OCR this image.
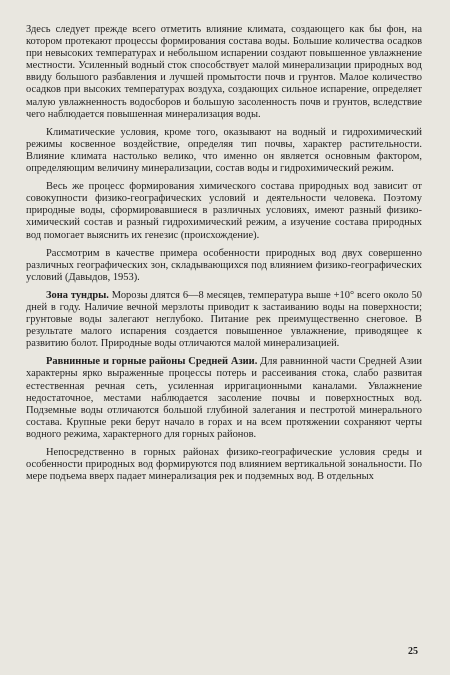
Здесь следует прежде всего отметить влияние климата, создающего как бы фон, на котором протекают процессы формирования состава воды. Большие количества осадков при невысоких температурах и небольшом испарении создают повышенное увлажнение местности. Усиленный водный сток способствует малой минерализации природных вод ввиду большого разбавления и лучшей промытости почв и грунтов. Малое количество осадков при высоких температурах воздуха, создающих сильное испарение, определяет малую увлажненность водосборов и большую засоленность почв и грунтов, вследствие чего наблюдается повышенная минерализация воды.

Климатические условия, кроме того, оказывают на водный и гидрохимический режимы косвенное воздействие, определяя тип почвы, характер растительности. Влияние климата настолько велико, что именно он является основным фактором, определяющим величину минерализации, состав воды и гидрохимический режим.

Весь же процесс формирования химического состава природных вод зависит от совокупности физико-географических условий и деятельности человека. Поэтому природные воды, сформировавшиеся в различных условиях, имеют разный физико-химический состав и разный гидрохимический режим, а изучение состава природных вод помогает выяснить их генезис (происхождение).

Рассмотрим в качестве примера особенности природных вод двух совершенно различных географических зон, складывающихся под влиянием физико-географических условий (Давыдов, 1953).

Зона тундры. Морозы длятся 6—8 месяцев, температура выше +10° всего около 50 дней в году. Наличие вечной мерзлоты приводит к застаиванию воды на поверхности; грунтовые воды залегают неглубоко. Питание рек преимущественно снеговое. В результате малого испарения создается повышенное увлажнение, приводящее к развитию болот. Природные воды отличаются малой минерализацией.

Равнинные и горные районы Средней Азии. Для равнинной части Средней Азии характерны ярко выраженные процессы потерь и рассеивания стока, слабо развитая естественная речная сеть, усиленная ирригационными каналами. Увлажнение недостаточное, местами наблюдается засоление почвы и поверхностных вод. Подземные воды отличаются большой глубиной залегания и пестротой минерального состава. Крупные реки берут начало в горах и на всем протяжении сохраняют черты водного режима, характерного для горных районов.

Непосредственно в горных районах физико-географические условия среды и особенности природных вод формируются под влиянием вертикальной зональности. По мере подъема вверх падает минерализация рек и подземных вод. В отдельных

25
